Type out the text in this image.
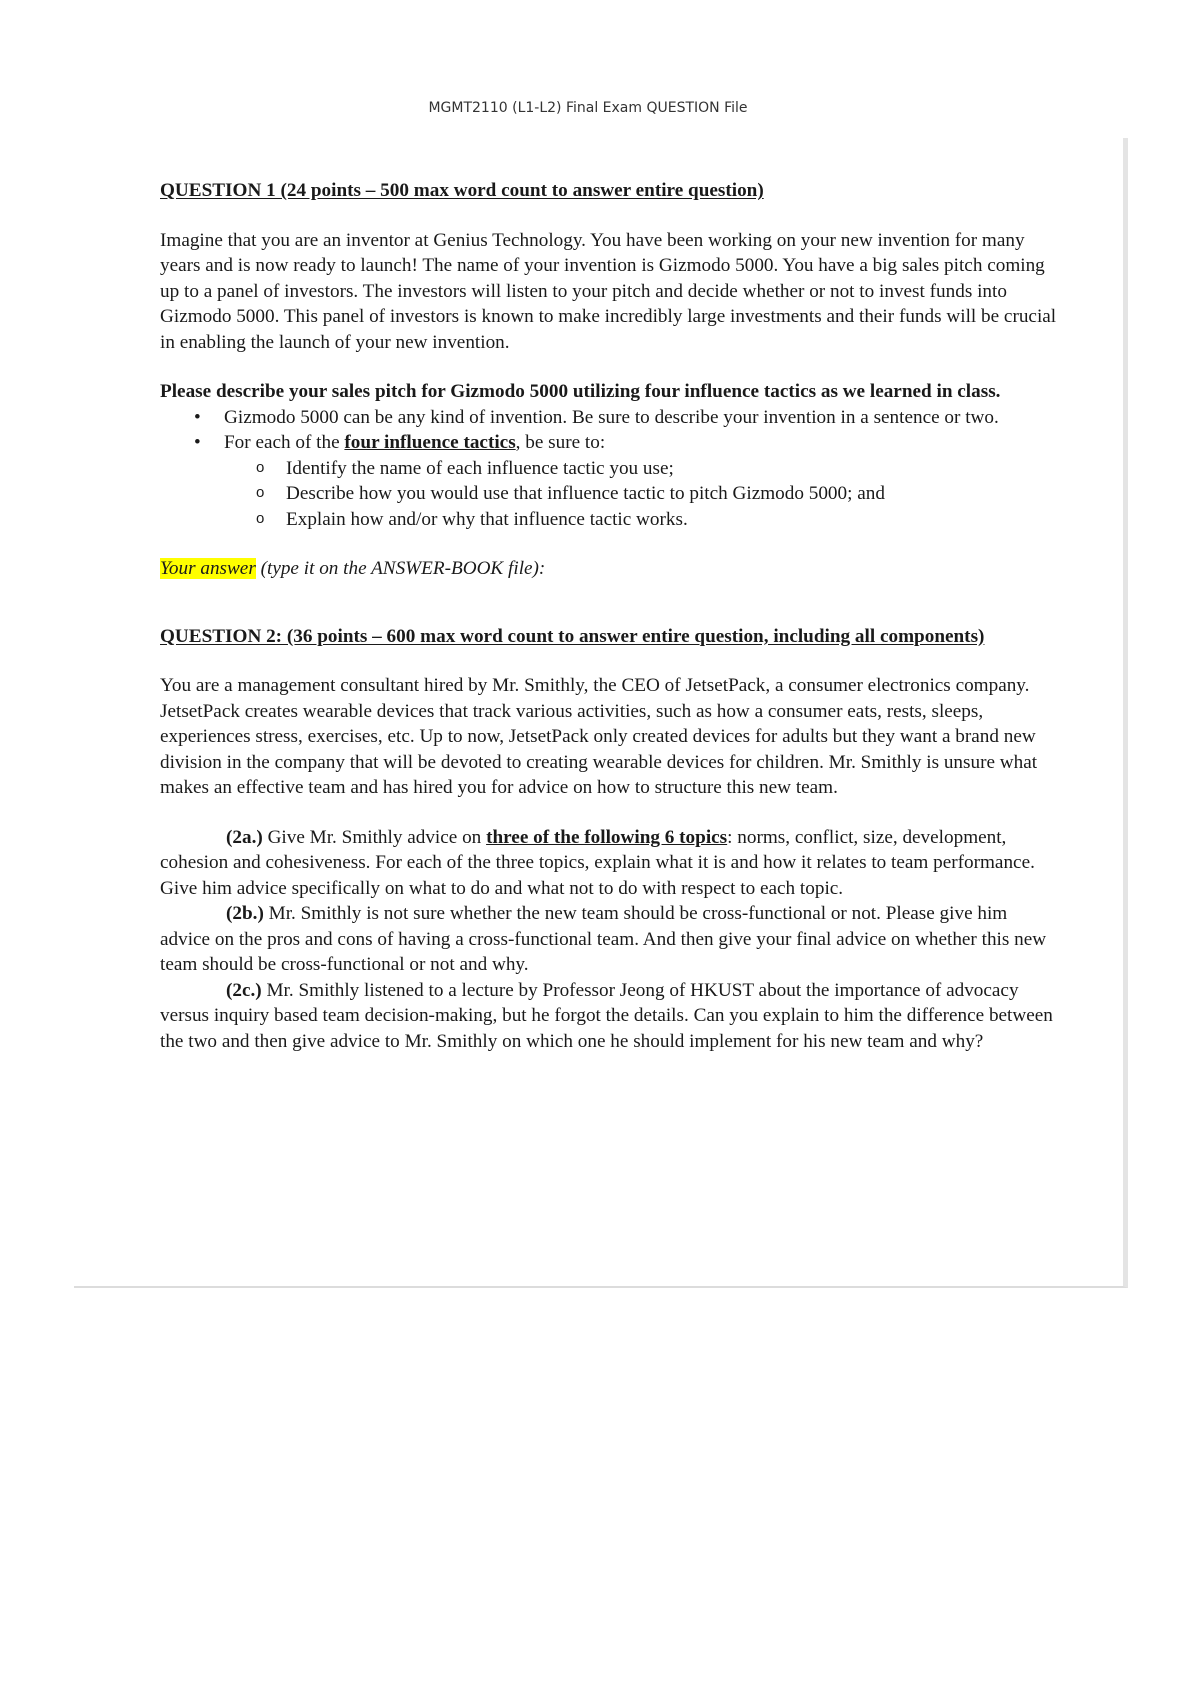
MGMT2110 (L1-L2) Final Exam QUESTION File

QUESTION 1 (24 points – 500 max word count to answer entire question)

Imagine that you are an inventor at Genius Technology. You have been working on your new invention for many years and is now ready to launch! The name of your invention is Gizmodo 5000. You have a big sales pitch coming up to a panel of investors. The investors will listen to your pitch and decide whether or not to invest funds into Gizmodo 5000. This panel of investors is known to make incredibly large investments and their funds will be crucial in enabling the launch of your new invention.

Please describe your sales pitch for Gizmodo 5000 utilizing four influence tactics as we learned in class.

• Gizmodo 5000 can be any kind of invention. Be sure to describe your invention in a sentence or two.
• For each of the four influence tactics, be sure to:
o Identify the name of each influence tactic you use;
o Describe how you would use that influence tactic to pitch Gizmodo 5000; and
o Explain how and/or why that influence tactic works.

Your answer (type it on the ANSWER-BOOK file):

QUESTION 2: (36 points – 600 max word count to answer entire question, including all components)

You are a management consultant hired by Mr. Smithly, the CEO of JetsetPack, a consumer electronics company. JetsetPack creates wearable devices that track various activities, such as how a consumer eats, rests, sleeps, experiences stress, exercises, etc. Up to now, JetsetPack only created devices for adults but they want a brand new division in the company that will be devoted to creating wearable devices for children. Mr. Smithly is unsure what makes an effective team and has hired you for advice on how to structure this new team.

(2a.) Give Mr. Smithly advice on three of the following 6 topics: norms, conflict, size, development, cohesion and cohesiveness. For each of the three topics, explain what it is and how it relates to team performance. Give him advice specifically on what to do and what not to do with respect to each topic.

(2b.) Mr. Smithly is not sure whether the new team should be cross-functional or not. Please give him advice on the pros and cons of having a cross-functional team. And then give your final advice on whether this new team should be cross-functional or not and why.

(2c.) Mr. Smithly listened to a lecture by Professor Jeong of HKUST about the importance of advocacy versus inquiry based team decision-making, but he forgot the details. Can you explain to him the difference between the two and then give advice to Mr. Smithly on which one he should implement for his new team and why?
